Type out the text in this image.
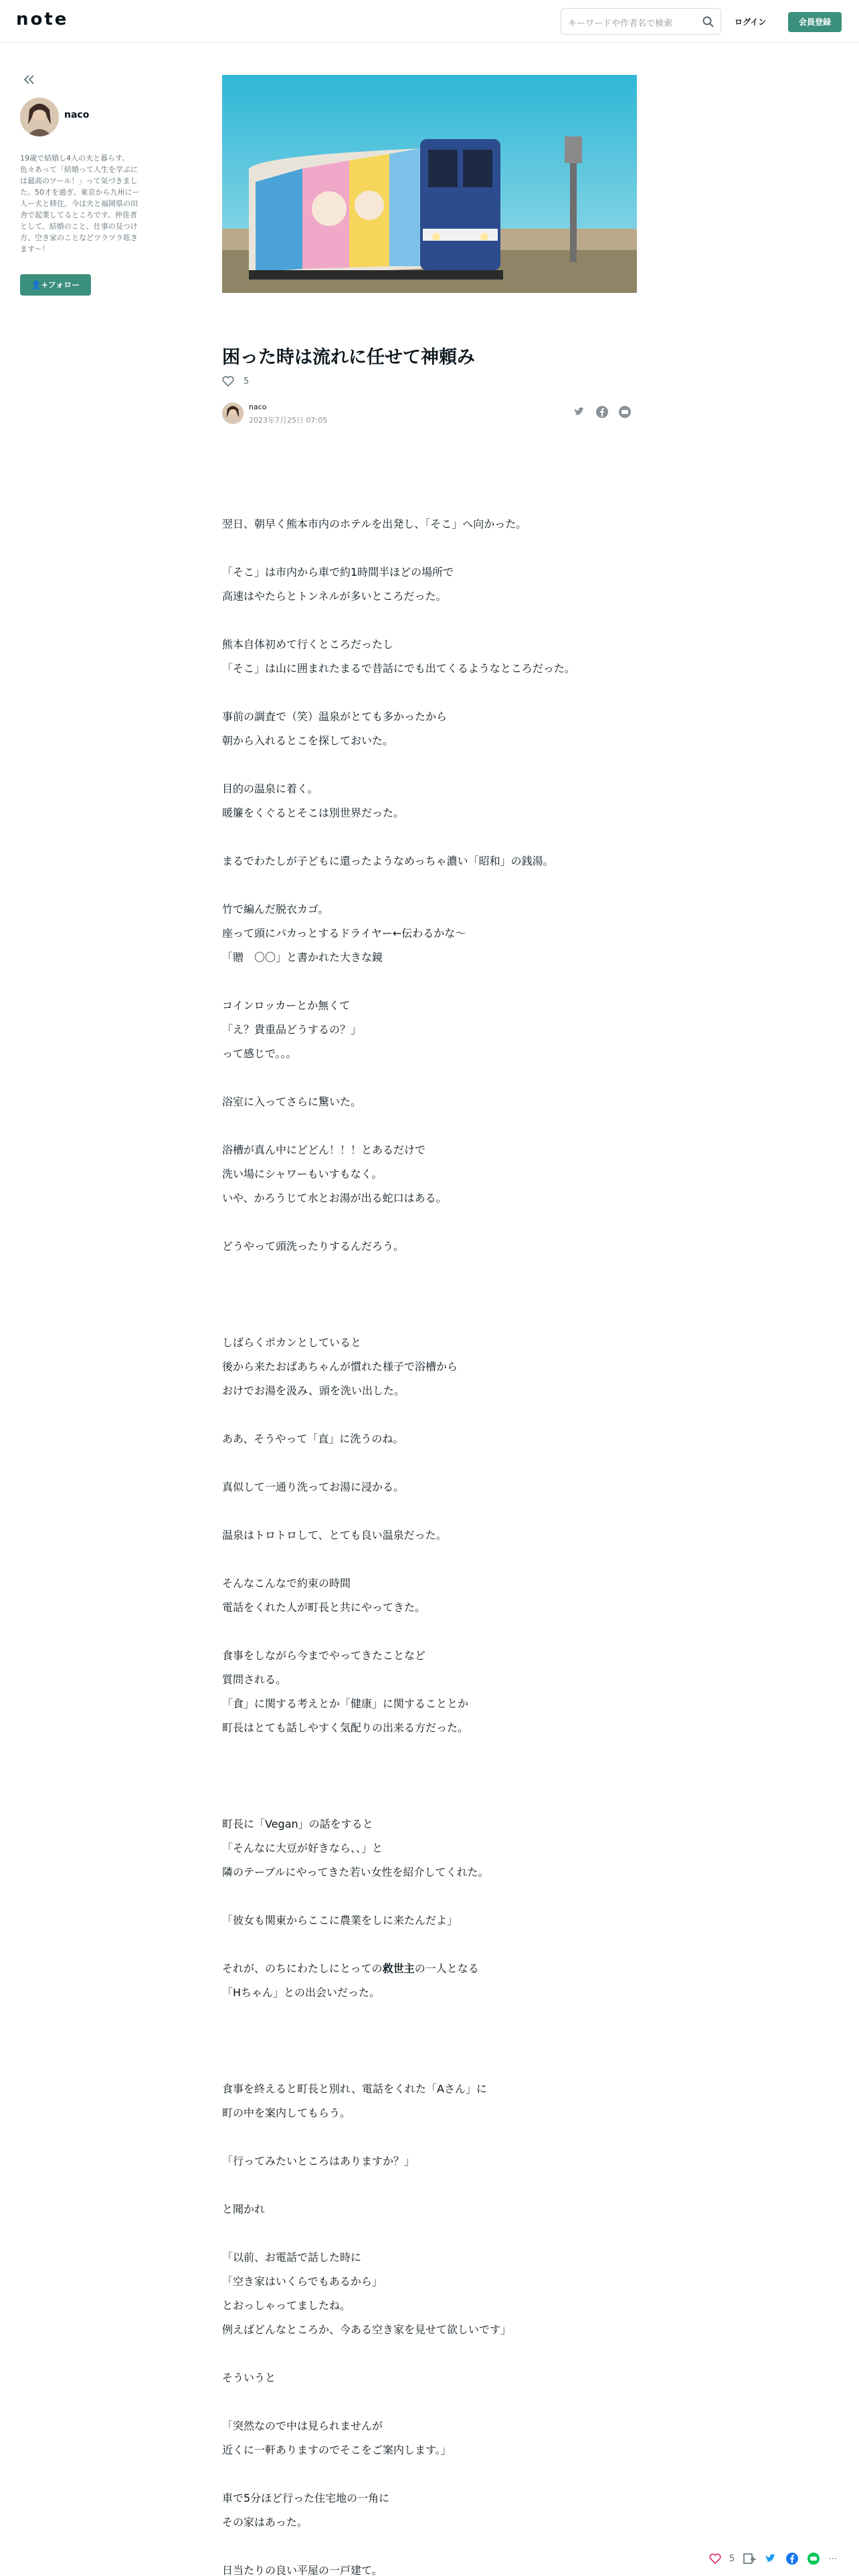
note	キーワードや作者名で検索	ログイン	会員登録
naco
19歳で結婚し4人の夫と暮らす。色々あって「結婚って人生を学ぶには最高のツール！」って気づきました。50才を過ぎ、東京から九州にー人ー犬と移住。今は夫と福岡県の田舎で起業してるところです。仲佳者として、結婚のこと、仕事の見つけ方、空き家のことなどツラツラ呟きます〜！
👤+フォロー
困った時は流れに任せて神頼み
5
naco
2023年7月25日 07:05

翌日、朝早く熊本市内のホテルを出発し、「そこ」へ向かった。

「そこ」は市内から車で約1時間半ほどの場所で
高速はやたらとトンネルが多いところだった。

熊本自体初めて行くところだったし
「そこ」は山に囲まれたまるで昔話にでも出てくるようなところだった。

事前の調査で（笑）温泉がとても多かったから
朝から入れるとこを探しておいた。

目的の温泉に着く。
暖簾をくぐるとそこは別世界だった。

まるでわたしが子どもに還ったようなめっちゃ濃い「昭和」の銭湯。

竹で編んだ脱衣カゴ。
座って頭にパカっとするドライヤー←伝わるかな〜
「贈　〇〇」と書かれた大きな鏡

コインロッカーとか無くて
「え？貴重品どうするの？」
って感じで。。。

浴室に入ってさらに驚いた。

浴槽が真ん中にどどん！！！とあるだけで
洗い場にシャワーもいすもなく。
いや、かろうじて水とお湯が出る蛇口はある。

どうやって頭洗ったりするんだろう。

しばらくポカンとしていると
後から来たおばあちゃんが慣れた様子で浴槽から
おけでお湯を汲み、頭を洗い出した。

ああ、そうやって「直」に洗うのね。

真似して一通り洗ってお湯に浸かる。

温泉はトロトロして、とても良い温泉だった。

そんなこんなで約束の時間
電話をくれた人が町長と共にやってきた。

食事をしながら今までやってきたことなど
質問される。
「食」に関する考えとか「健康」に関することとか
町長はとても話しやすく気配りの出来る方だった。

町長に「Vegan」の話をすると
「そんなに大豆が好きなら、、」と
隣のテーブルにやってきた若い女性を紹介してくれた。

「彼女も関東からここに農業をしに来たんだよ」

それが、のちにわたしにとっての救世主の一人となる
「Hちゃん」との出会いだった。

食事を終えると町長と別れ、電話をくれた「Aさん」に
町の中を案内してもらう。

「行ってみたいところはありますか？」

と聞かれ

「以前、お電話で話した時に
「空き家はいくらでもあるから」
とおっしゃってましたね。
例えばどんなところか、今ある空き家を見せて欲しいです」

そういうと

「突然なので中は見られませんが
近くに一軒ありますのでそこをご案内します。」

車で5分ほど行った住宅地の一角に
その家はあった。

日当たりの良い平屋の一戸建て。

5	⋯
